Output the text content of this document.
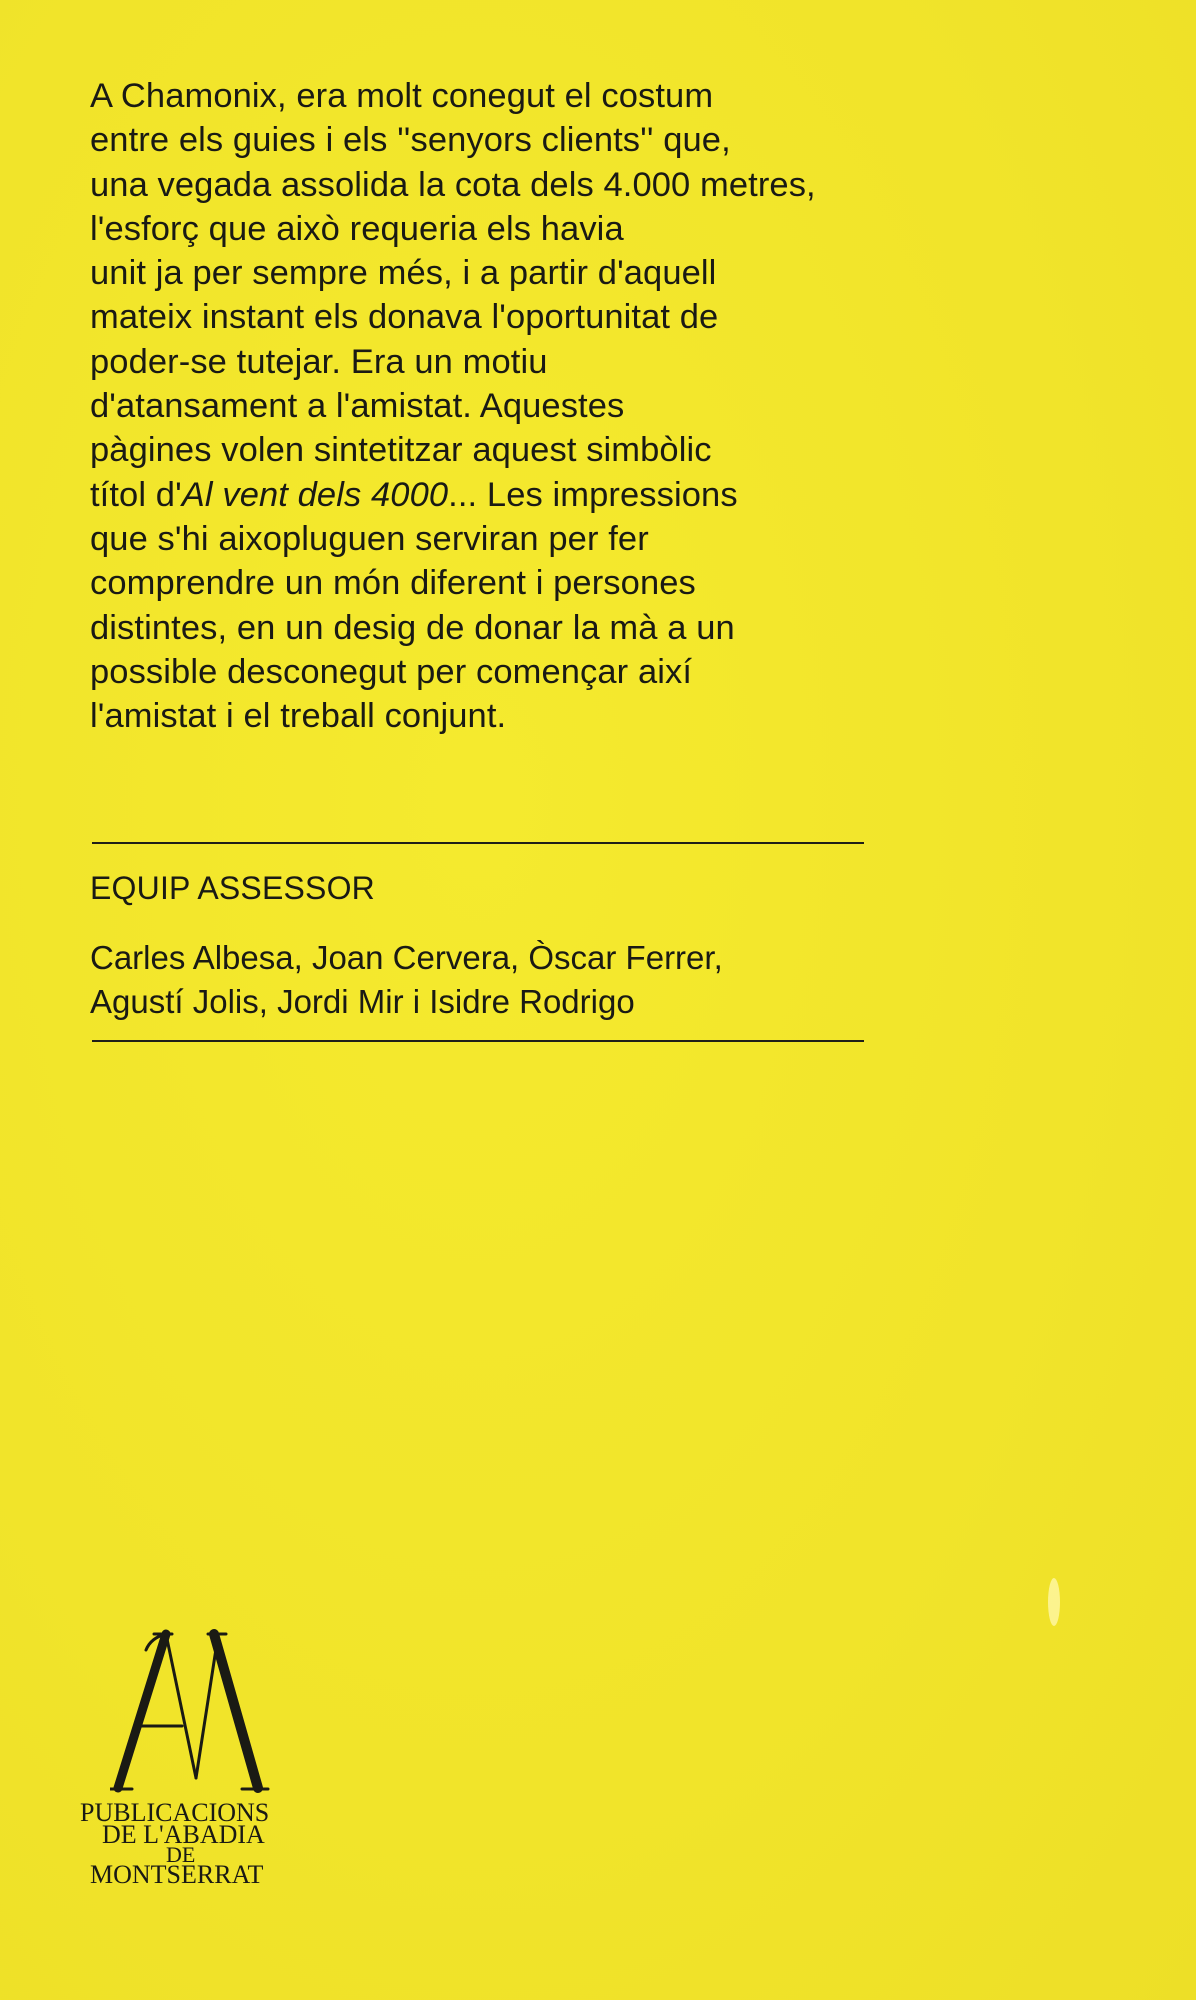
A Chamonix, era molt conegut el costum
entre els guies i els ''senyors clients'' que,
una vegada assolida la cota dels 4.000 metres,
l'esforç que això requeria els havia
unit ja per sempre més, i a partir d'aquell
mateix instant els donava l'oportunitat de
poder-se tutejar. Era un motiu
d'atansament a l'amistat. Aquestes
pàgines volen sintetitzar aquest simbòlic
títol d'Al vent dels 4000... Les impressions
que s'hi aixopluguen serviran per fer
comprendre un món diferent i persones
distintes, en un desig de donar la mà a un
possible desconegut per començar així
l'amistat i el treball conjunt.
EQUIP ASSESSOR
Carles Albesa, Joan Cervera, Òscar Ferrer,
Agustí Jolis, Jordi Mir i Isidre Rodrigo
PUBLICACIONS
DE L'ABADIA
DE
MONTSERRAT
